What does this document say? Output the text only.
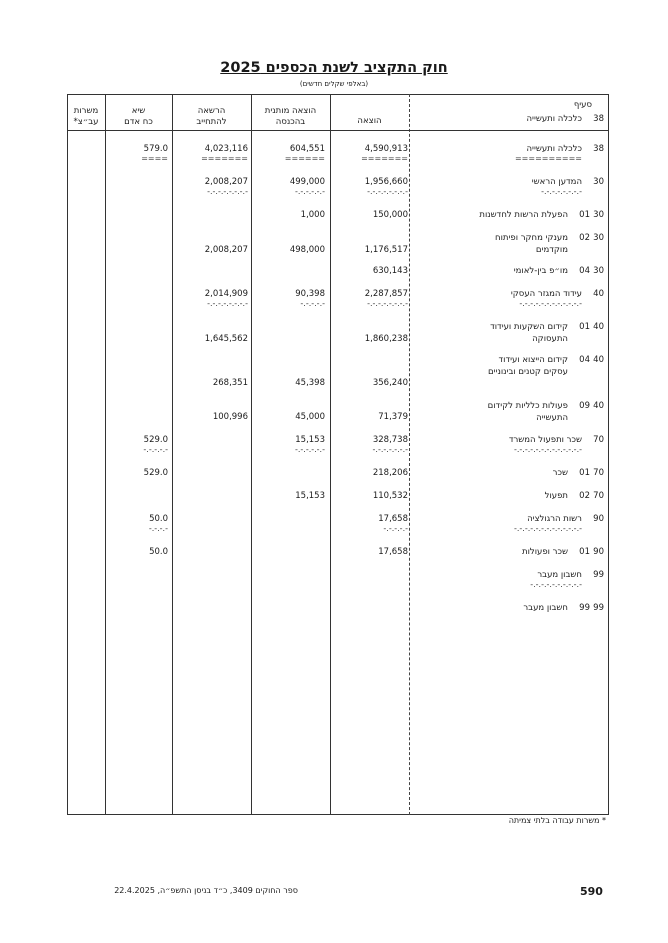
חוק התקציב לשנת הכספים 2025
(באלפי שקלים חדשים)
סעיף
38
כלכלה ותעשייה
הוצאה
הוצאה מותנית
בהכנסה
הרשאה
להתחייב
שיא
כח אדם
משרות
עב״צ*
38
כלכלה ותעשייה
==========
4,590,913
=======
604,551
======
4,023,116
=======
579.0
====
30
המדען הראשי
-.-.-.-.-.-.-.-
1,956,660
-.-.-.-.-.-.-.-
499,000
-.-.-.-.-.-
2,008,207
-.-.-.-.-.-.-.-
30
01
הפעלת הרשות לחדשנות
150,000
1,000
30
02
מענקי מחקר ופיתוח מוקדמים
1,176,517
498,000
2,008,207
30
04
מו״פ בין-לאומי
630,143
40
עידוד המגזר העסקי
-.-.-.-.-.-.-.-.-.-.-.-
2,287,857
-.-.-.-.-.-.-.-
90,398
-.-.-.-.-
2,014,909
-.-.-.-.-.-.-.-
40
01
קידום השקעות ועידוד התעסוקה
1,860,238
1,645,562
40
04
קידום הייצוא ועידוד עסקים קטנים ובינוניים
356,240
45,398
268,351
40
09
פעולות כלליות לקידום התעשייה
71,379
45,000
100,996
70
שכר ותפעול המשרד
-.-.-.-.-.-.-.-.-.-.-.-.-
328,738
-.-.-.-.-.-.-
15,153
-.-.-.-.-.-
529.0
-.-.-.-.-
70
01
שכר
218,206
529.0
70
02
תפעול
110,532
15,153
90
רשות הרגולציה
-.-.-.-.-.-.-.-.-.-.-.-.-
17,658
-.-.-.-.-
50.0
-.-.-.-
90
01
שכר ופעולות
17,658
50.0
99
חשבון מעבר
-.-.-.-.-.-.-.-.-.-
99
99
חשבון מעבר
* משרות עבודה בלתי צמיתה
590
ספר החוקים 3409, כ״ד בניסן התשפ״ה, 22.4.2025
